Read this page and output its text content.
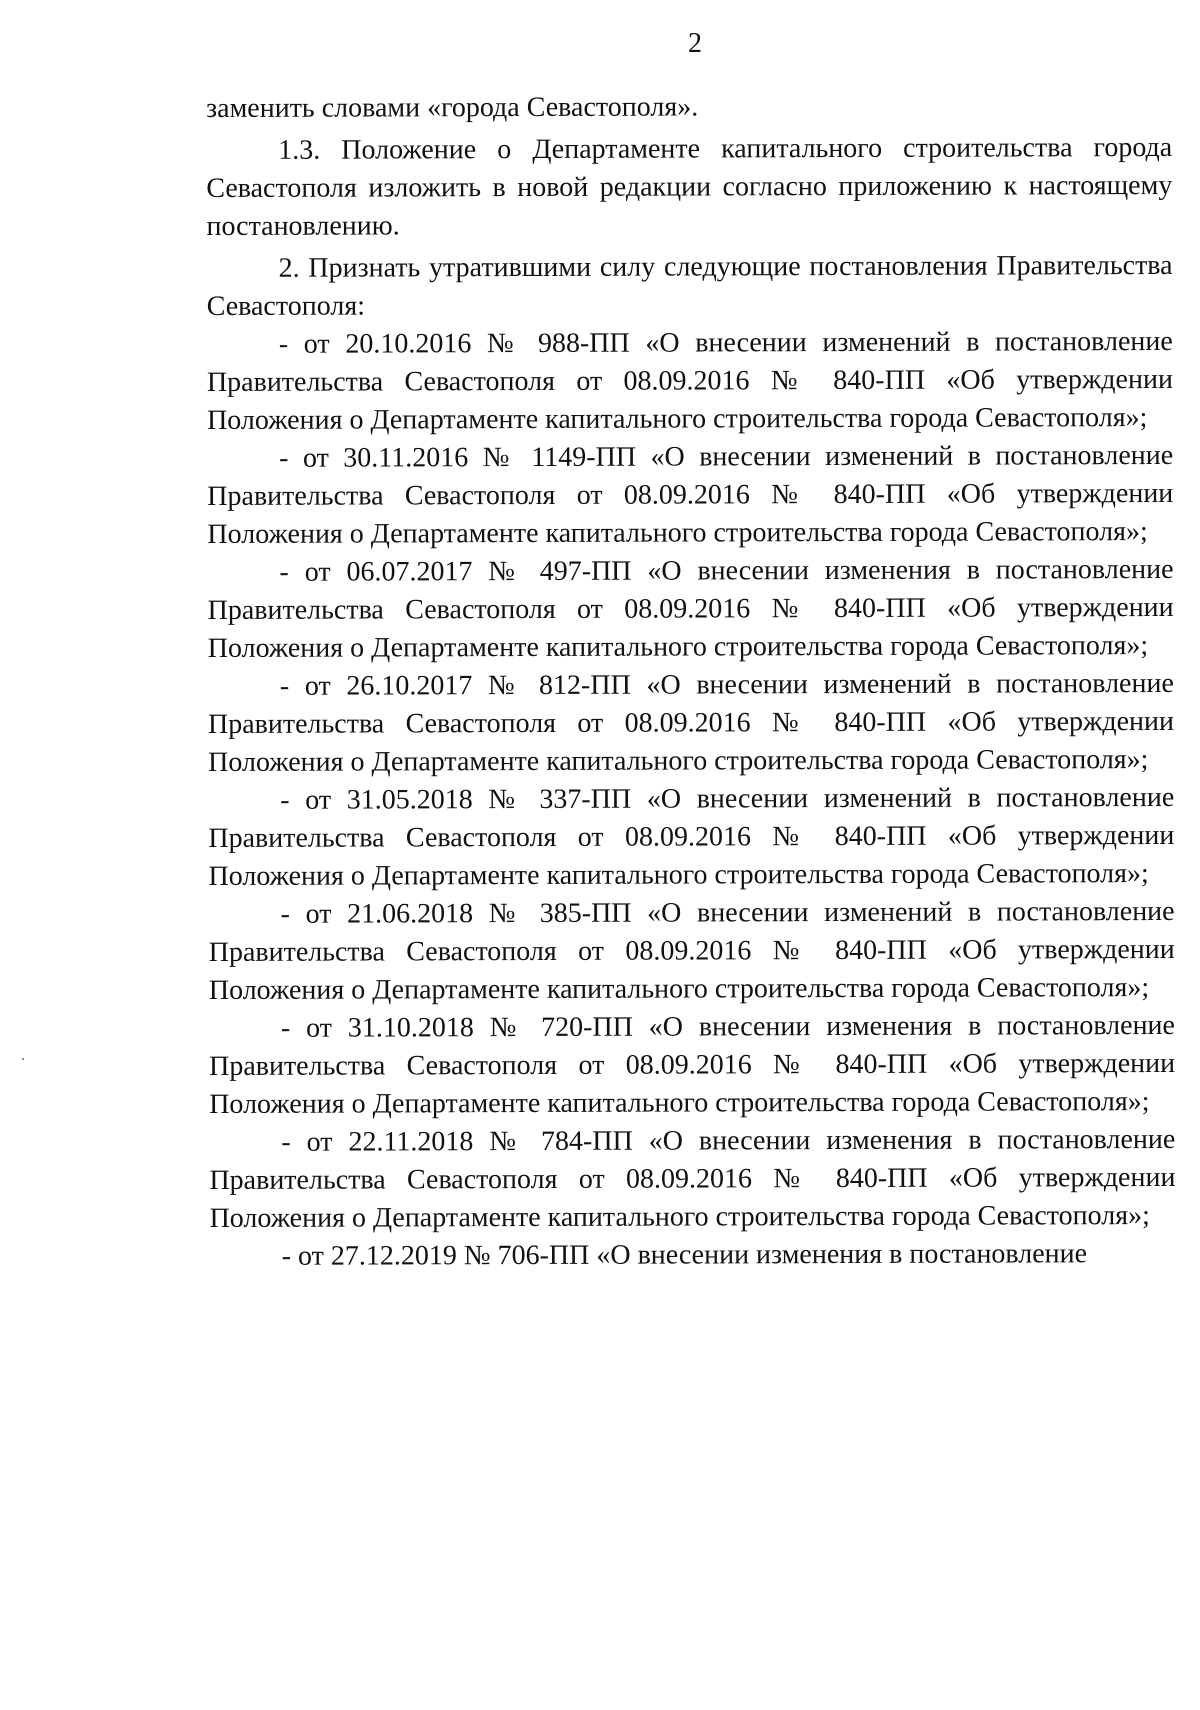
2

заменить словами «города Севастополя».

1.3. Положение о Департаменте капитального строительства города Севастополя изложить в новой редакции согласно приложению к настоящему постановлению.

2. Признать утратившими силу следующие постановления Правительства Севастополя:

- от 20.10.2016 № 988-ПП «О внесении изменений в постановление Правительства Севастополя от 08.09.2016 № 840-ПП «Об утверждении Положения о Департаменте капитального строительства города Севастополя»;

- от 30.11.2016 № 1149-ПП «О внесении изменений в постановление Правительства Севастополя от 08.09.2016 № 840-ПП «Об утверждении Положения о Департаменте капитального строительства города Севастополя»;

- от 06.07.2017 № 497-ПП «О внесении изменения в постановление Правительства Севастополя от 08.09.2016 № 840-ПП «Об утверждении Положения о Департаменте капитального строительства города Севастополя»;

- от 26.10.2017 № 812-ПП «О внесении изменений в постановление Правительства Севастополя от 08.09.2016 № 840-ПП «Об утверждении Положения о Департаменте капитального строительства города Севастополя»;

- от 31.05.2018 № 337-ПП «О внесении изменений в постановление Правительства Севастополя от 08.09.2016 № 840-ПП «Об утверждении Положения о Департаменте капитального строительства города Севастополя»;

- от 21.06.2018 № 385-ПП «О внесении изменений в постановление Правительства Севастополя от 08.09.2016 № 840-ПП «Об утверждении Положения о Департаменте капитального строительства города Севастополя»;

- от 31.10.2018 № 720-ПП «О внесении изменения в постановление Правительства Севастополя от 08.09.2016 № 840-ПП «Об утверждении Положения о Департаменте капитального строительства города Севастополя»;

- от 22.11.2018 № 784-ПП «О внесении изменения в постановление Правительства Севастополя от 08.09.2016 № 840-ПП «Об утверждении Положения о Департаменте капитального строительства города Севастополя»;

- от 27.12.2019 № 706-ПП «О внесении изменения в постановление
